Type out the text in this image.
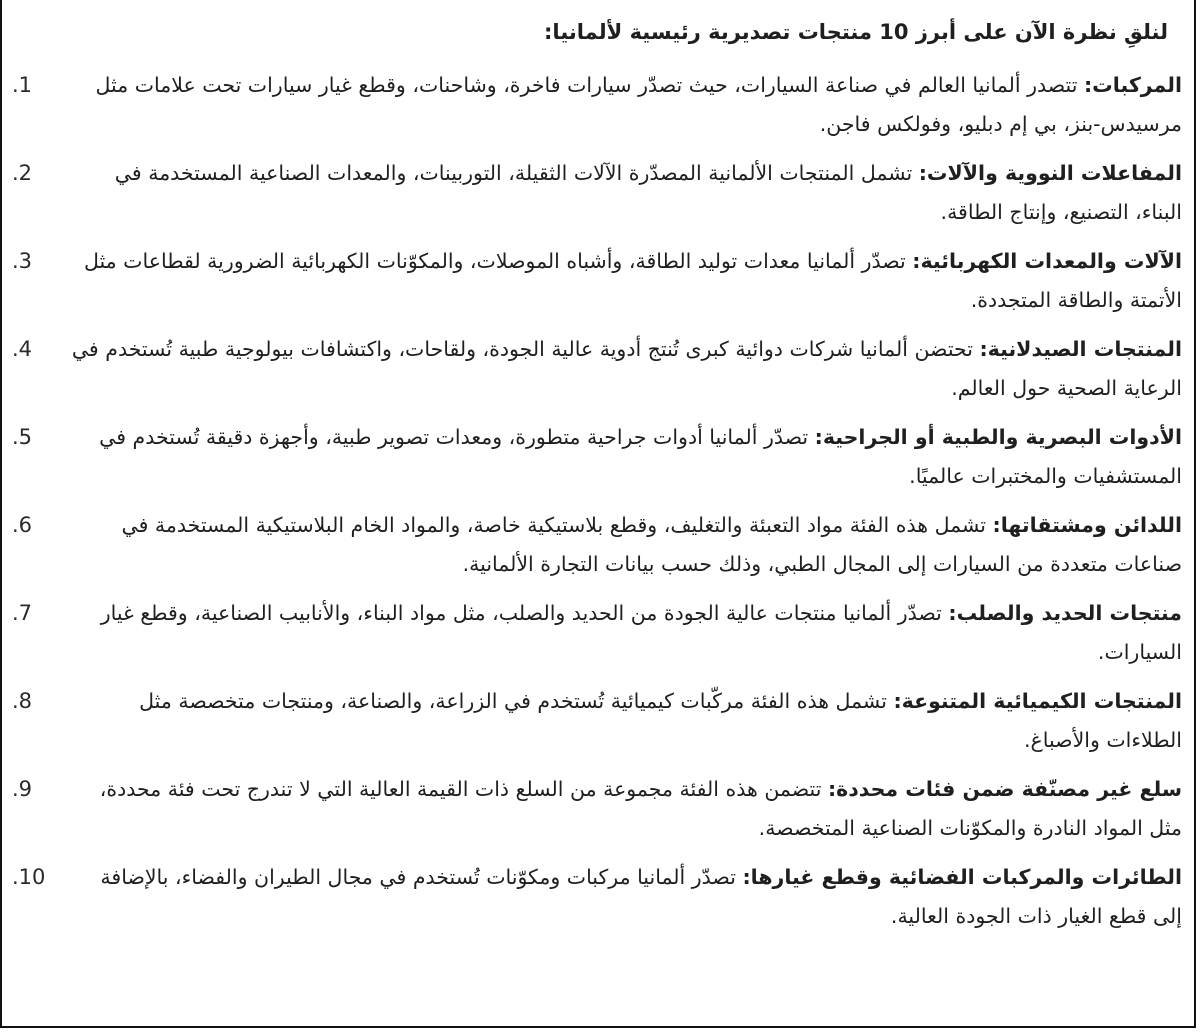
لنلقِ نظرة الآن على أبرز 10 منتجات تصديرية رئيسية لألمانيا:

المركبات: تتصدر ألمانيا العالم في صناعة السيارات، حيث تصدّر سيارات فاخرة، وشاحنات، وقطع غيار سيارات تحت علامات مثل مرسيدس-بنز، بي إم دبليو، وفولكس فاجن.
.1
المفاعلات النووية والآلات: تشمل المنتجات الألمانية المصدّرة الآلات الثقيلة، التوربينات، والمعدات الصناعية المستخدمة في البناء، التصنيع، وإنتاج الطاقة.
.2
الآلات والمعدات الكهربائية: تصدّر ألمانيا معدات توليد الطاقة، وأشباه الموصلات، والمكوّنات الكهربائية الضرورية لقطاعات مثل الأتمتة والطاقة المتجددة.
.3
المنتجات الصيدلانية: تحتضن ألمانيا شركات دوائية كبرى تُنتج أدوية عالية الجودة، ولقاحات، واكتشافات بيولوجية طبية تُستخدم في الرعاية الصحية حول العالم.
.4
الأدوات البصرية والطبية أو الجراحية: تصدّر ألمانيا أدوات جراحية متطورة، ومعدات تصوير طبية، وأجهزة دقيقة تُستخدم في المستشفيات والمختبرات عالميًا.
.5
اللدائن ومشتقاتها: تشمل هذه الفئة مواد التعبئة والتغليف، وقطع بلاستيكية خاصة، والمواد الخام البلاستيكية المستخدمة في صناعات متعددة من السيارات إلى المجال الطبي، وذلك حسب بيانات التجارة الألمانية.
.6
منتجات الحديد والصلب: تصدّر ألمانيا منتجات عالية الجودة من الحديد والصلب، مثل مواد البناء، والأنابيب الصناعية، وقطع غيار السيارات.
.7
المنتجات الكيميائية المتنوعة: تشمل هذه الفئة مركّبات كيميائية تُستخدم في الزراعة، والصناعة، ومنتجات متخصصة مثل الطلاءات والأصباغ.
.8
سلع غير مصنّفة ضمن فئات محددة: تتضمن هذه الفئة مجموعة من السلع ذات القيمة العالية التي لا تندرج تحت فئة محددة، مثل المواد النادرة والمكوّنات الصناعية المتخصصة.
.9
الطائرات والمركبات الفضائية وقطع غيارها: تصدّر ألمانيا مركبات ومكوّنات تُستخدم في مجال الطيران والفضاء، بالإضافة إلى قطع الغيار ذات الجودة العالية.
.10
